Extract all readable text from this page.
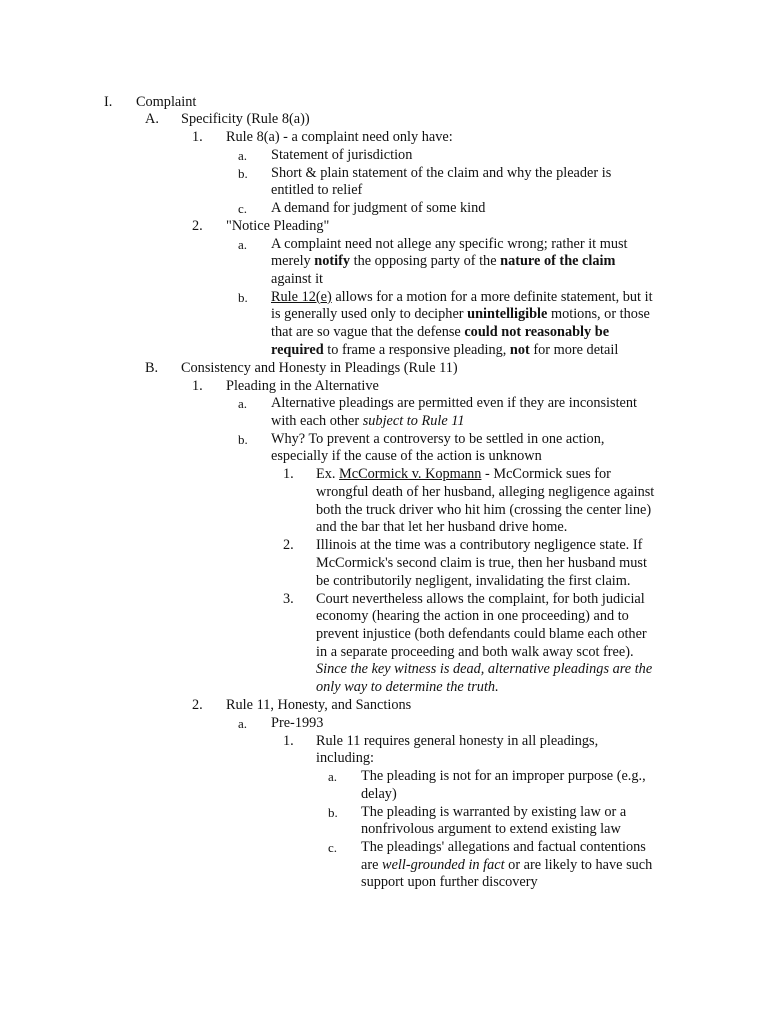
I. Complaint
A. Specificity (Rule 8(a))
1. Rule 8(a) - a complaint need only have:
a. Statement of jurisdiction
b. Short & plain statement of the claim and why the pleader is
entitled to relief
c. A demand for judgment of some kind
2. "Notice Pleading"
a. A complaint need not allege any specific wrong; rather it must
merely notify the opposing party of the nature of the claim
against it
b. Rule 12(e) allows for a motion for a more definite statement, but it
is generally used only to decipher unintelligible motions, or those
that are so vague that the defense could not reasonably be
required to frame a responsive pleading, not for more detail
B. Consistency and Honesty in Pleadings (Rule 11)
1. Pleading in the Alternative
a. Alternative pleadings are permitted even if they are inconsistent
with each other subject to Rule 11
b. Why? To prevent a controversy to be settled in one action,
especially if the cause of the action is unknown
1. Ex. McCormick v. Kopmann - McCormick sues for
wrongful death of her husband, alleging negligence against
both the truck driver who hit him (crossing the center line)
and the bar that let her husband drive home.
2. Illinois at the time was a contributory negligence state. If
McCormick's second claim is true, then her husband must
be contributorily negligent, invalidating the first claim.
3. Court nevertheless allows the complaint, for both judicial
economy (hearing the action in one proceeding) and to
prevent injustice (both defendants could blame each other
in a separate proceeding and both walk away scot free).
Since the key witness is dead, alternative pleadings are the
only way to determine the truth.
2. Rule 11, Honesty, and Sanctions
a. Pre-1993
1. Rule 11 requires general honesty in all pleadings,
including:
a. The pleading is not for an improper purpose (e.g.,
delay)
b. The pleading is warranted by existing law or a
nonfrivolous argument to extend existing law
c. The pleadings' allegations and factual contentions
are well-grounded in fact or are likely to have such
support upon further discovery
